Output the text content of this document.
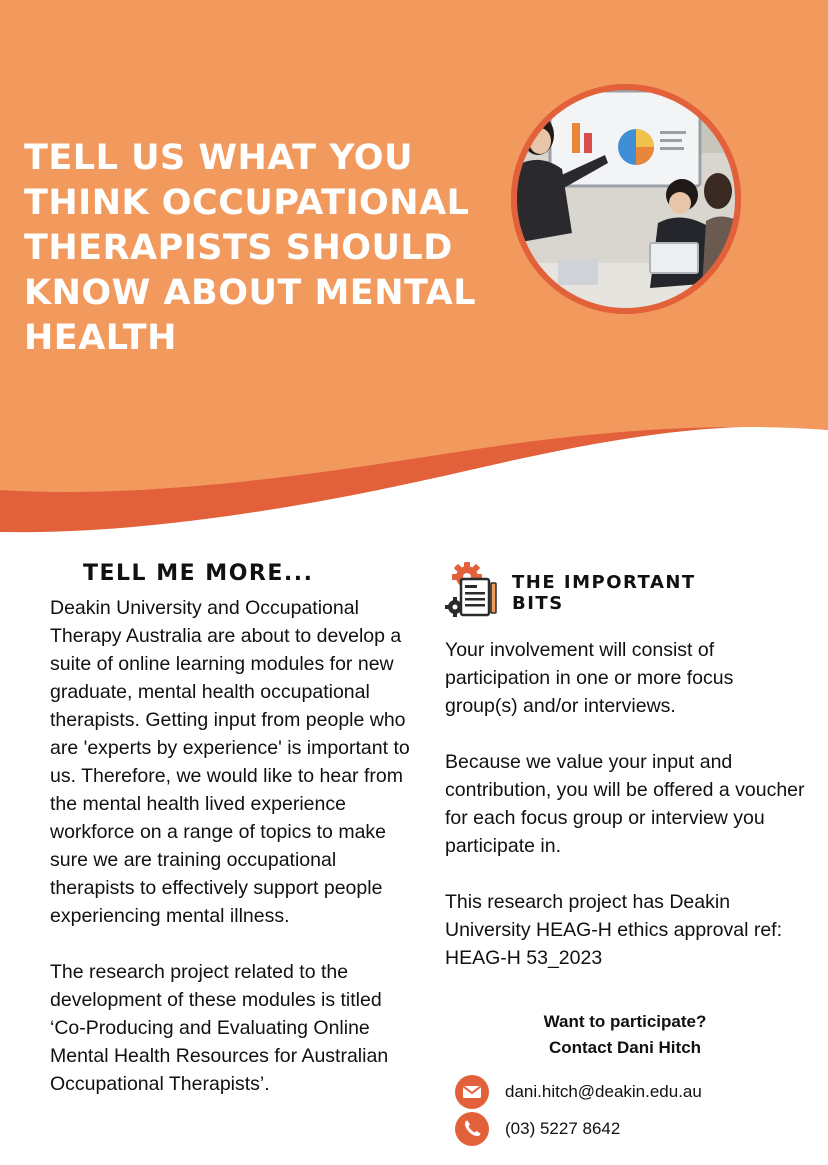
TELL US WHAT YOU THINK OCCUPATIONAL THERAPISTS SHOULD KNOW ABOUT MENTAL HEALTH
TELL ME MORE...

Deakin University and Occupational Therapy Australia are about to develop a suite of online learning modules for new graduate, mental health occupational therapists. Getting input from people who are 'experts by experience' is important to us. Therefore, we would like to hear from the mental health lived experience workforce on a range of topics to make sure we are training occupational therapists to effectively support people experiencing mental illness.

The research project related to the development of these modules is titled ‘Co-Producing and Evaluating Online Mental Health Resources for Australian Occupational Therapists’.

THE IMPORTANT
BITS

Your involvement will consist of participation in one or more focus group(s) and/or interviews.

Because we value your input and contribution, you will be offered a voucher for each focus group or interview you participate in.

This research project has Deakin University HEAG-H ethics approval ref: HEAG-H 53_2023

Want to participate?
Contact Dani Hitch
dani.hitch@deakin.edu.au
(03) 5227 8642
